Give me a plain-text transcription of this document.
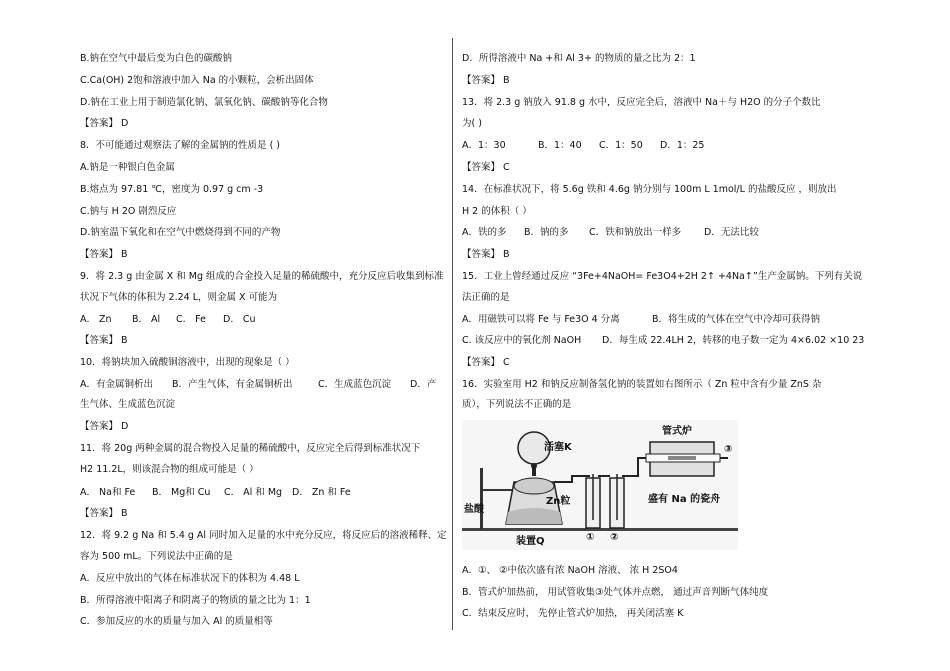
B.钠在空气中最后变为白色的碳酸钠
C.Ca(OH) 2饱和溶液中加入 Na 的小颗粒，会析出固体
D.钠在工业上用于制造氯化钠、氯氧化钠、碳酸钠等化合物
【答案】 D
8．不可能通过观察法了解的金属钠的性质是 ( )
A.钠是一种银白色金属
B.熔点为 97.81 ℃，密度为 0.97 g cm -3
C.钠与 H 2O 剧烈反应
D.钠室温下氧化和在空气中燃烧得到不同的产物
【答案】 B
9．将 2.3 g 由金属 X 和 Mg 组成的合金投入足量的稀硫酸中，充分反应后收集到标准
状况下气体的体积为 2.24 L，则金属 X 可能为
A． Zn B． Al C． Fe D． Cu
【答案】 B
10．将钠块加入硫酸铜溶液中，出现的现象是（ ）
A．有金属铜析出 B．产生气体，有金属铜析出	C．生成蓝色沉淀 D．产
生气体、生成蓝色沉淀
【答案】 D
11．将 20g 两种金属的混合物投入足量的稀硫酸中，反应完全后得到标准状况下
H2 11.2L，则该混合物的组成可能是（ ）
A． Na和 Fe B． Mg和 Cu C． Al 和 Mg D． Zn 和 Fe
【答案】 B
12．将 9.2 g Na 和 5.4 g Al 同时加入足量的水中充分反应，将反应后的溶液稀释、定
容为 500 mL。下列说法中正确的是
A．反应中放出的气体在标准状况下的体积为 4.48 L
B．所得溶液中阳离子和阴离子的物质的量之比为 1：1
C．参加反应的水的质量与加入 Al 的质量相等
D．所得溶液中 Na +和 Al 3+ 的物质的量之比为 2：1
【答案】 B
13．将 2.3 g 钠放入 91.8 g 水中，反应完全后，溶液中 Na＋与 H2O 的分子个数比
为( )
A．1：30	B．1：40 C．1：50 D．1：25
【答案】 C
14．在标准状况下，将 5.6g 铁和 4.6g 钠分别与 100m L 1mol/L 的盐酸反应 ，则放出
H 2 的体积（ ）
A．铁的多 B．钠的多 C．铁和钠放出一样多 D．无法比较
【答案】 B
15．工业上曾经通过反应 “3Fe+4NaOH= Fe3O4+2H 2↑ +4Na↑”生产金属钠。下列有关说
法正确的是
A．用磁铁可以将 Fe 与 Fe3O 4 分离	B．将生成的气体在空气中冷却可获得钠
C. 该反应中的氧化剂 NaOH D．每生成 22.4LH 2，转移的电子数一定为 4×6.02 ×10 23
【答案】 C
16．实验室用 H2 和钠反应制备氢化钠的装置如右图所示（ Zn 粒中含有少量 ZnS 杂
质），下列说法不正确的是
活塞K
管式炉
Zn粒
盐酸
装置Q
盛有 Na 的瓷舟
① ②
③
A．①、 ②中依次盛有浓 NaOH 溶液、 浓 H 2SO4
B．管式炉加热前， 用试管收集③处气体并点燃， 通过声音判断气体纯度
C．结束反应时， 先停止管式炉加热， 再关闭活塞 K
